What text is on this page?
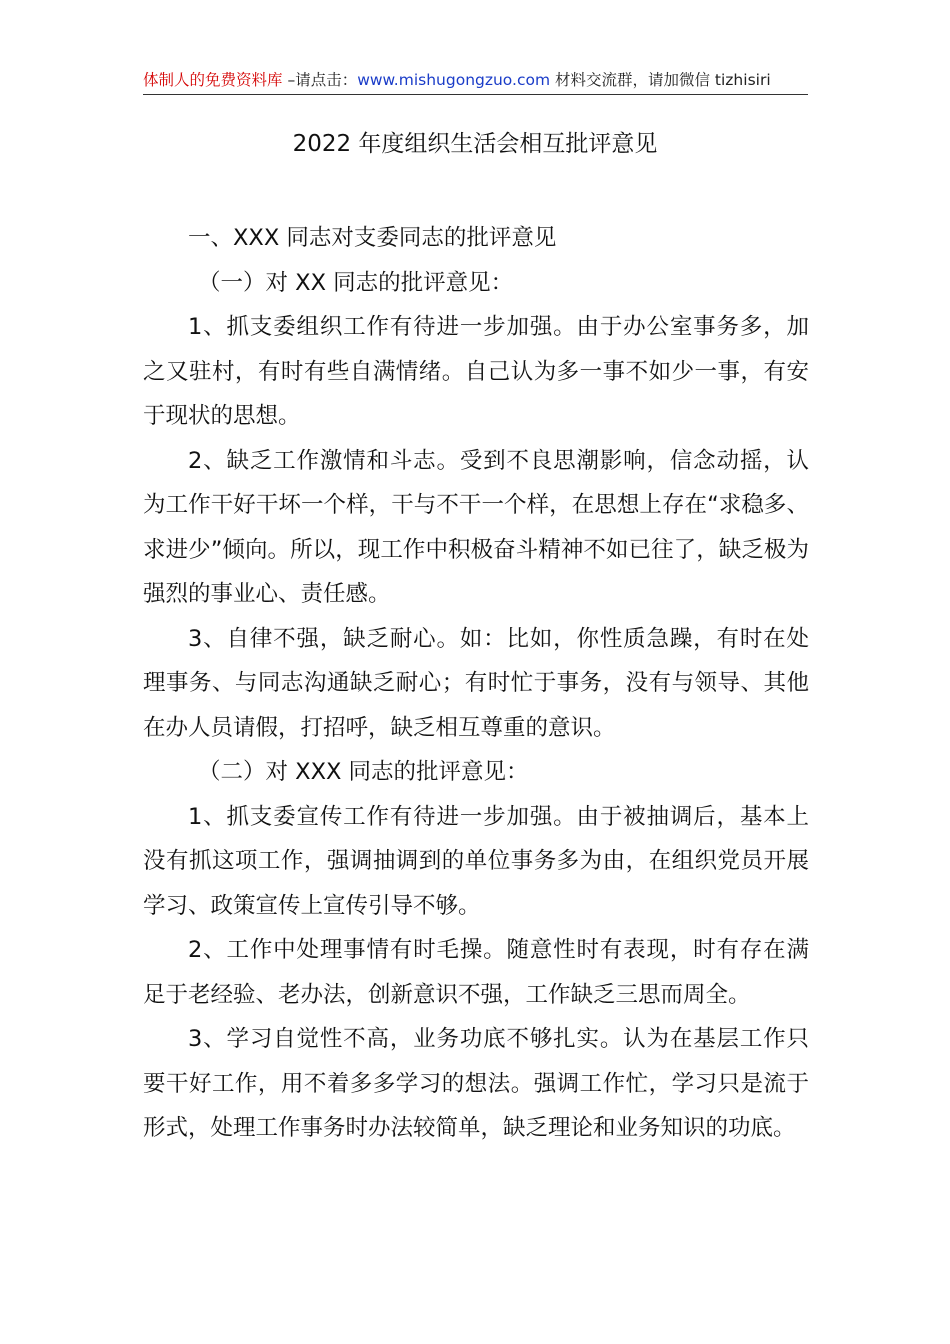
体制人的免费资料库 –请点击：www.mishugongzuo.com 材料交流群，请加微信 tizhisiri
2022 年度组织生活会相互批评意见

一、XXX 同志对支委同志的批评意见

（一）对 XX 同志的批评意见：

1、抓支委组织工作有待进一步加强。由于办公室事务多，加之又驻村，有时有些自满情绪。自己认为多一事不如少一事，有安于现状的思想。

2、缺乏工作激情和斗志。受到不良思潮影响，信念动摇，认为工作干好干坏一个样，干与不干一个样，在思想上存在“求稳多、求进少”倾向。所以，现工作中积极奋斗精神不如已往了，缺乏极为强烈的事业心、责任感。

3、自律不强，缺乏耐心。如：比如，你性质急躁，有时在处理事务、与同志沟通缺乏耐心；有时忙于事务，没有与领导、其他在办人员请假，打招呼，缺乏相互尊重的意识。

（二）对 XXX 同志的批评意见：

1、抓支委宣传工作有待进一步加强。由于被抽调后，基本上没有抓这项工作，强调抽调到的单位事务多为由，在组织党员开展学习、政策宣传上宣传引导不够。

2、工作中处理事情有时毛操。随意性时有表现，时有存在满足于老经验、老办法，创新意识不强，工作缺乏三思而周全。

3、学习自觉性不高，业务功底不够扎实。认为在基层工作只要干好工作，用不着多多学习的想法。强调工作忙，学习只是流于形式，处理工作事务时办法较简单，缺乏理论和业务知识的功底。
